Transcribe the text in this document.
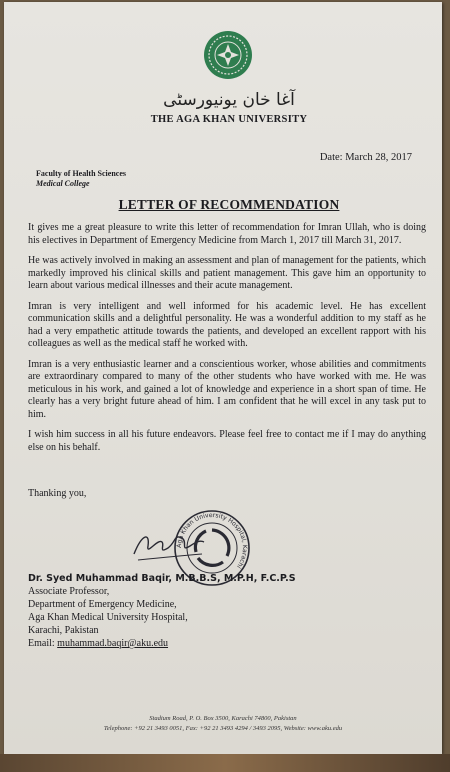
آغا خان یونیورسٹی
THE AGA KHAN UNIVERSITY
Date: March 28, 2017
Faculty of Health Sciences
Medical College
LETTER OF RECOMMENDATION

It gives me a great pleasure to write this letter of recommendation for Imran Ullah, who is doing his electives in Department of Emergency Medicine from March 1, 2017 till March 31, 2017.

He was actively involved in making an assessment and plan of management for the patients, which markedly improved his clinical skills and patient management. This gave him an opportunity to learn about various medical illnesses and their acute management.

Imran is very intelligent and well informed for his academic level. He has excellent communication skills and a delightful personality. He was a wonderful addition to my staff as he had a very empathetic attitude towards the patients, and developed an excellent rapport with his colleagues as well as the medical staff he worked with.

Imran is a very enthusiastic learner and a conscientious worker, whose abilities and commitments are extraordinary compared to many of the other students who have worked with me. He was meticulous in his work, and gained a lot of knowledge and experience in a short span of time. He clearly has a very bright future ahead of him. I am confident that he will excel in any task put to him.

I wish him success in all his future endeavors. Please feel free to contact me if I may do anything else on his behalf.

Thanking you,
Aga Khan University Hospital, Karachi
Dr. Syed Muhammad Baqir, M.B.B.S, M.P.H, F.C.P.S
Associate Professor,
Department of Emergency Medicine,
Aga Khan Medical University Hospital,
Karachi, Pakistan
Email: muhammad.baqir@aku.edu
Stadium Road, P. O. Box 3500, Karachi 74800, Pakistan
Telephone: +92 21 3493 0051, Fax: +92 21 3493 4294 / 3493 2095, Website: www.aku.edu
